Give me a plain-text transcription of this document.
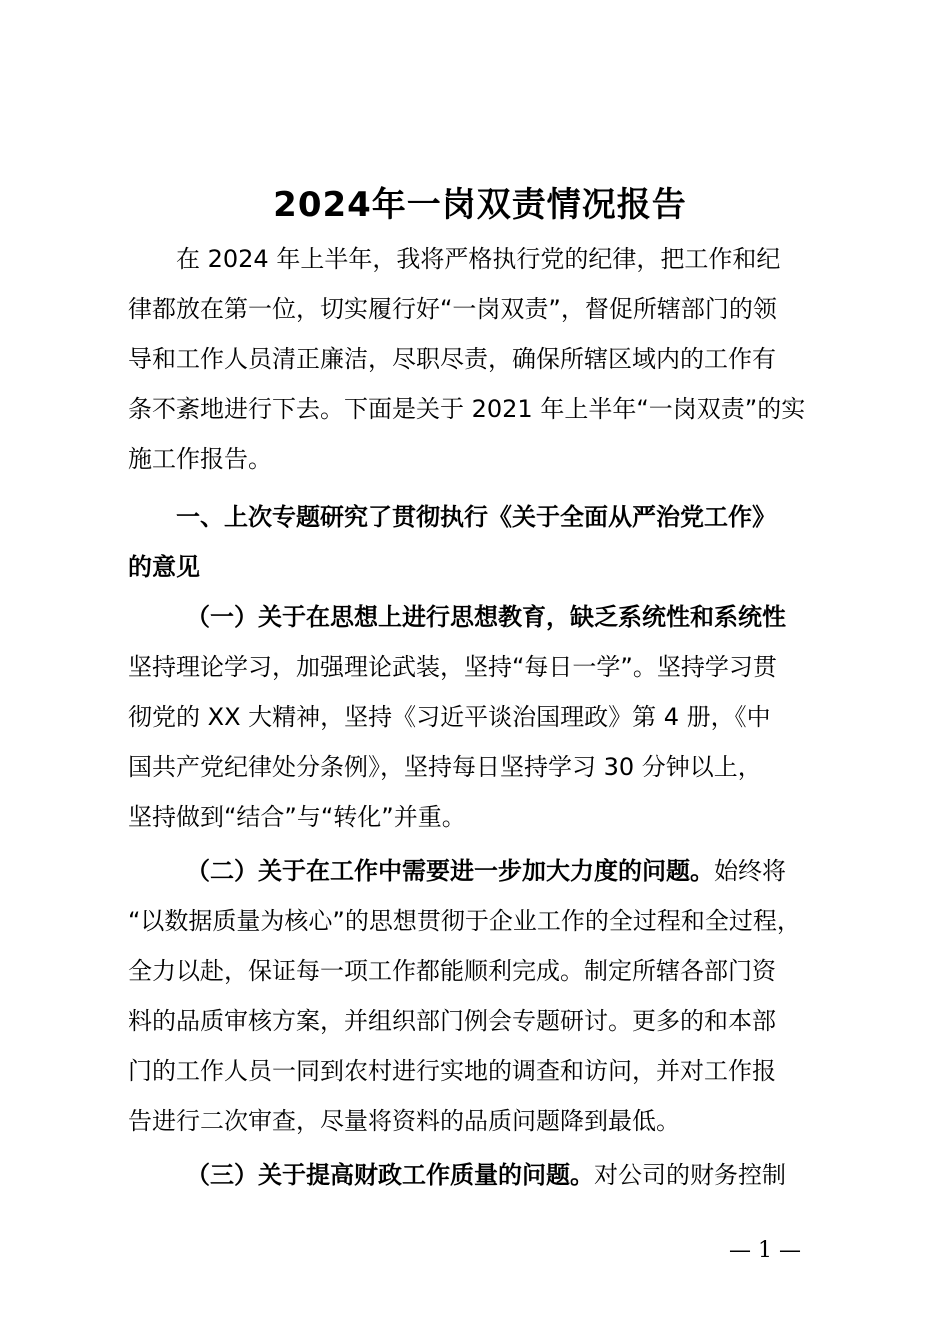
2024年一岗双责情况报告
在 2024 年上半年，我将严格执行党的纪律，把工作和纪
律都放在第一位，切实履行好“一岗双责”，督促所辖部门的领
导和工作人员清正廉洁，尽职尽责，确保所辖区域内的工作有
条不紊地进行下去。下面是关于 2021 年上半年“一岗双责”的实
施工作报告。
一、上次专题研究了贯彻执行《关于全面从严治党工作》
的意见
（一）关于在思想上进行思想教育，缺乏系统性和系统性
坚持理论学习，加强理论武装，坚持“每日一学”。坚持学习贯
彻党的 XX 大精神，坚持《习近平谈治国理政》第 4 册，《中
国共产党纪律处分条例》，坚持每日坚持学习 30 分钟以上，
坚持做到“结合”与“转化”并重。
（二）关于在工作中需要进一步加大力度的问题。始终将
“以数据质量为核心”的思想贯彻于企业工作的全过程和全过程，
全力以赴，保证每一项工作都能顺利完成。制定所辖各部门资
料的品质审核方案，并组织部门例会专题研讨。更多的和本部
门的工作人员一同到农村进行实地的调查和访问，并对工作报
告进行二次审查，尽量将资料的品质问题降到最低。
（三）关于提高财政工作质量的问题。对公司的财务控制
— 1 —
